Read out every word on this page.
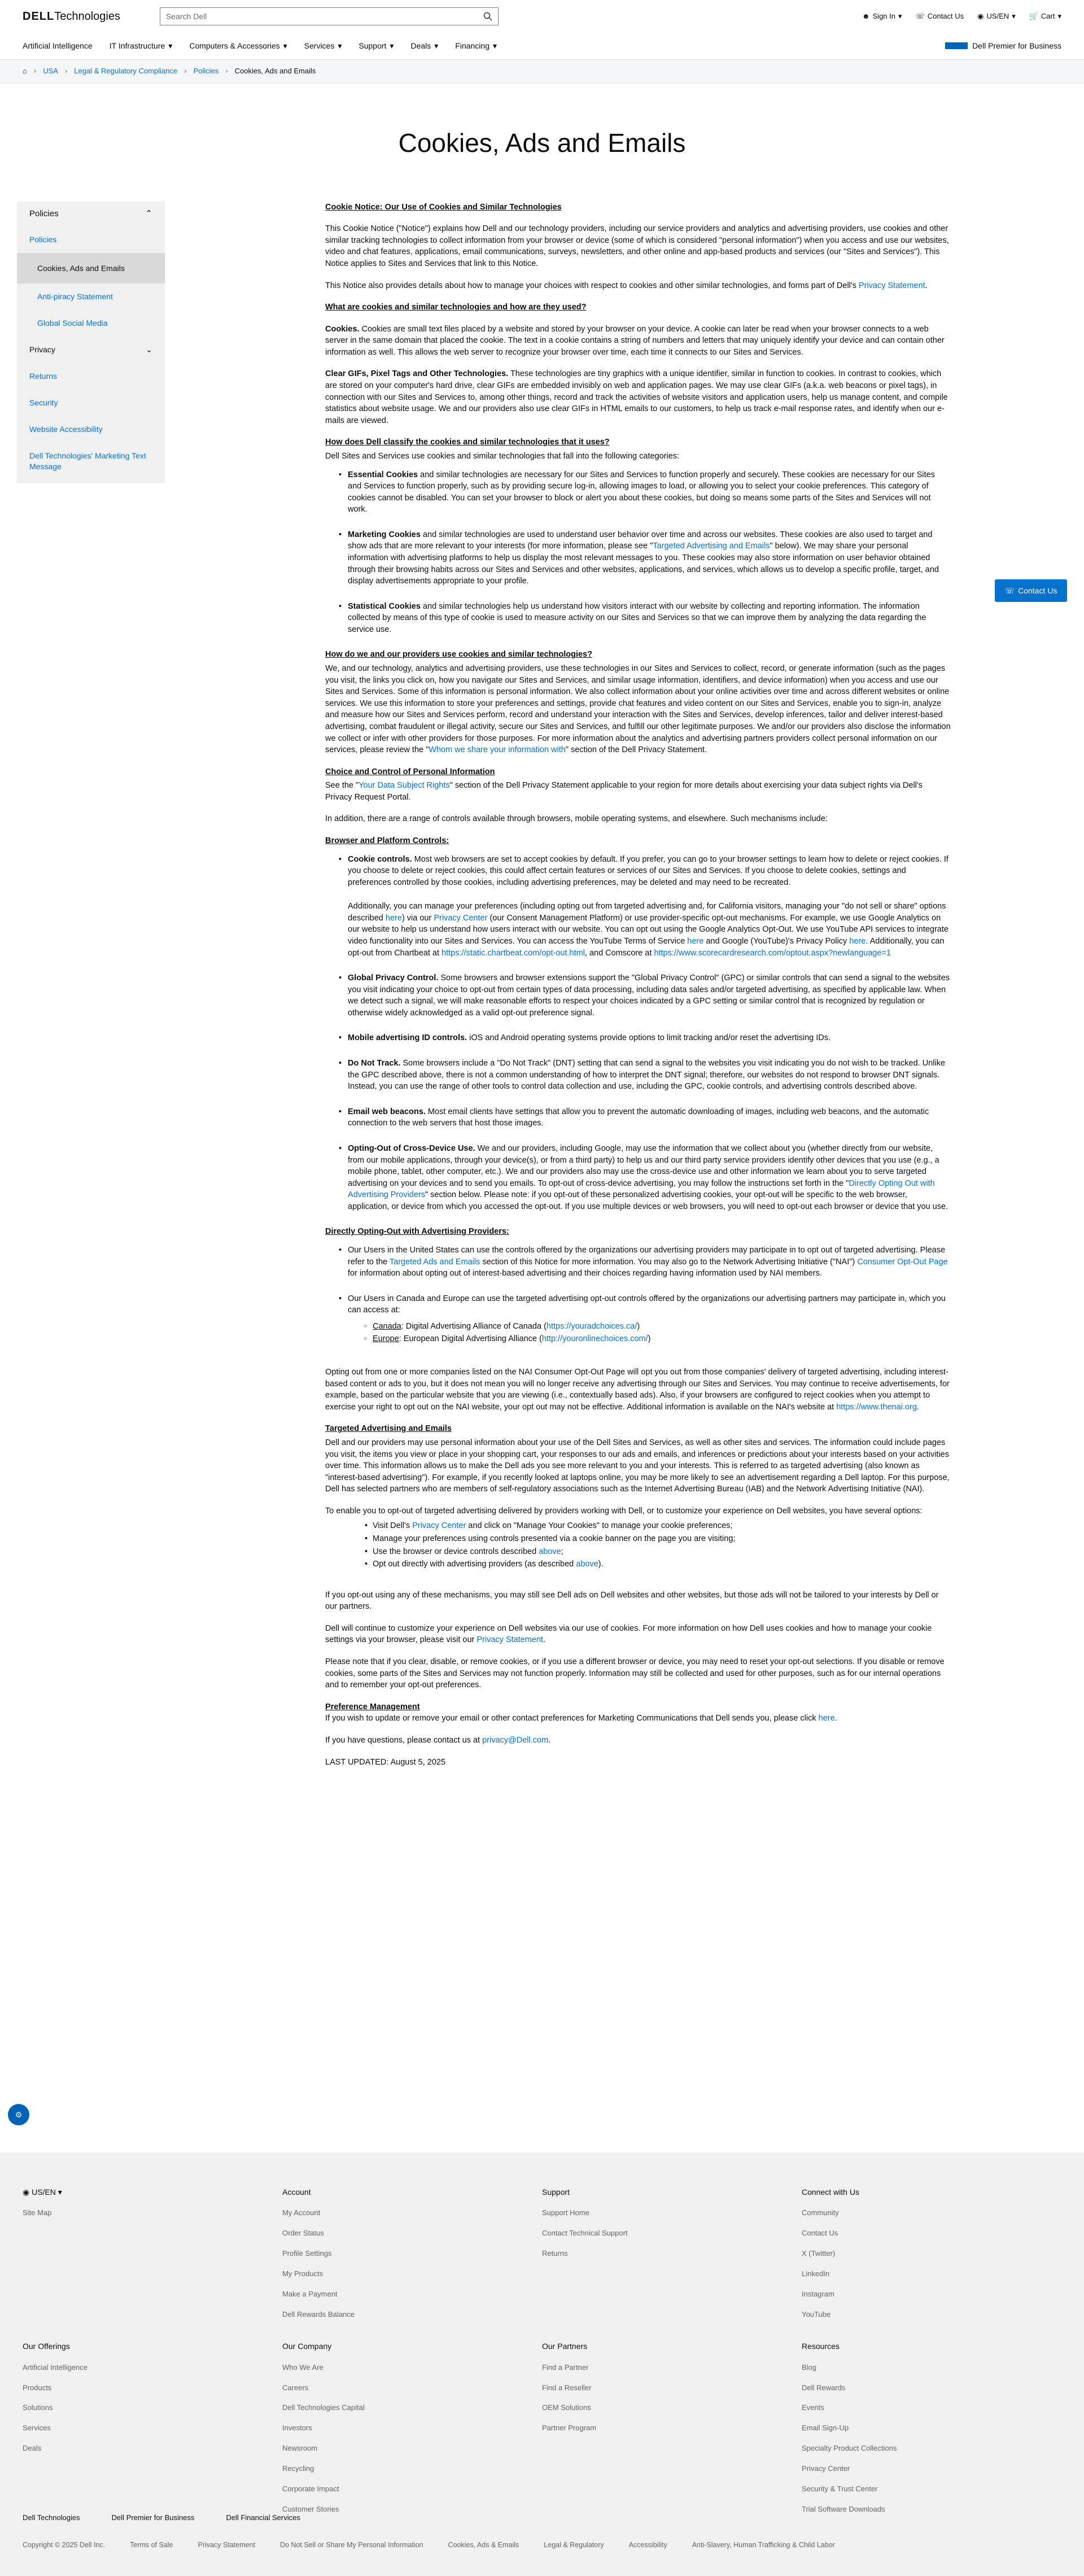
DELL Technologies	Search Dell	☻ Sign In ▾ ☏ Contact Us ◉ US/EN ▾ 🛒 Cart ▾
Artificial Intelligence IT Infrastructure ▾ Computers & Accessories ▾ Services ▾ Support ▾ Deals ▾ Financing ▾	Dell Premier for Business
⌂ › USA › Legal & Regulatory Compliance › Policies › Cookies, Ads and Emails
Cookies, Ads and Emails
Policies	⌃
Policies
Cookies, Ads and Emails
Anti-piracy Statement
Global Social Media
Privacy	⌄
Returns
Security
Website Accessibility
Dell Technologies' Marketing Text Message

Cookie Notice: Our Use of Cookies and Similar Technologies

This Cookie Notice ("Notice") explains how Dell and our technology providers, including our service providers and analytics and advertising providers, use cookies and other similar tracking technologies to collect information from your browser or device (some of which is considered "personal information") when you access and use our websites, video and chat features, applications, email communications, surveys, newsletters, and other online and app-based products and services (our "Sites and Services"). This Notice applies to Sites and Services that link to this Notice.

This Notice also provides details about how to manage your choices with respect to cookies and other similar technologies, and forms part of Dell's Privacy Statement.

What are cookies and similar technologies and how are they used?

Cookies. Cookies are small text files placed by a website and stored by your browser on your device. A cookie can later be read when your browser connects to a web server in the same domain that placed the cookie. The text in a cookie contains a string of numbers and letters that may uniquely identify your device and can contain other information as well. This allows the web server to recognize your browser over time, each time it connects to our Sites and Services.

Clear GIFs, Pixel Tags and Other Technologies. These technologies are tiny graphics with a unique identifier, similar in function to cookies. In contrast to cookies, which are stored on your computer's hard drive, clear GIFs are embedded invisibly on web and application pages. We may use clear GIFs (a.k.a. web beacons or pixel tags), in connection with our Sites and Services to, among other things, record and track the activities of website visitors and application users, help us manage content, and compile statistics about website usage. We and our providers also use clear GIFs in HTML emails to our customers, to help us track e-mail response rates, and identify when our e-mails are viewed.

How does Dell classify the cookies and similar technologies that it uses?

Dell Sites and Services use cookies and similar technologies that fall into the following categories:

• Essential Cookies and similar technologies are necessary for our Sites and Services to function properly and securely. These cookies are necessary for our Sites and Services to function properly, such as by providing secure log-in, allowing images to load, or allowing you to select your cookie preferences. This category of cookies cannot be disabled. You can set your browser to block or alert you about these cookies, but doing so means some parts of the Sites and Services will not work.
• Marketing Cookies and similar technologies are used to understand user behavior over time and across our websites. These cookies are also used to target and show ads that are more relevant to your interests (for more information, please see "Targeted Advertising and Emails" below). We may share your personal information with advertising platforms to help us display the most relevant messages to you. These cookies may also store information on user behavior obtained through their browsing habits across our Sites and Services and other websites, applications, and services, which allows us to develop a specific profile, target, and display advertisements appropriate to your profile.
• Statistical Cookies and similar technologies help us understand how visitors interact with our website by collecting and reporting information. The information collected by means of this type of cookie is used to measure activity on our Sites and Services so that we can improve them by analyzing the data regarding the service use.
How do we and our providers use cookies and similar technologies?

We, and our technology, analytics and advertising providers, use these technologies in our Sites and Services to collect, record, or generate information (such as the pages you visit, the links you click on, how you navigate our Sites and Services, and similar usage information, identifiers, and device information) when you access and use our Sites and Services. Some of this information is personal information. We also collect information about your online activities over time and across different websites or online services. We use this information to store your preferences and settings, provide chat features and video content on our Sites and Services, enable you to sign-in, analyze and measure how our Sites and Services perform, record and understand your interaction with the Sites and Services, develop inferences, tailor and deliver interest-based advertising, combat fraudulent or illegal activity, secure our Sites and Services, and fulfill our other legitimate purposes. We and/or our providers also disclose the information we collect or infer with other providers for those purposes. For more information about the analytics and advertising partners providers collect personal information on our services, please review the "Whom we share your information with" section of the Dell Privacy Statement.

Choice and Control of Personal Information

See the "Your Data Subject Rights" section of the Dell Privacy Statement applicable to your region for more details about exercising your data subject rights via Dell's Privacy Request Portal.

In addition, there are a range of controls available through browsers, mobile operating systems, and elsewhere. Such mechanisms include:

Browser and Platform Controls:

• Cookie controls. Most web browsers are set to accept cookies by default. If you prefer, you can go to your browser settings to learn how to delete or reject cookies. If you choose to delete or reject cookies, this could affect certain features or services of our Sites and Services. If you choose to delete cookies, settings and preferences controlled by those cookies, including advertising preferences, may be deleted and may need to be recreated.

Additionally, you can manage your preferences (including opting out from targeted advertising and, for California visitors, managing your "do not sell or share" options described here) via our Privacy Center (our Consent Management Platform) or use provider-specific opt-out mechanisms. For example, we use Google Analytics on our website to help us understand how users interact with our website. You can opt out using the Google Analytics Opt-Out. We use YouTube API services to integrate video functionality into our Sites and Services. You can access the YouTube Terms of Service here and Google (YouTube)'s Privacy Policy here. Additionally, you can opt-out from Chartbeat at https://static.chartbeat.com/opt-out.html, and Comscore at https://www.scorecardresearch.com/optout.aspx?newlanguage=1

• Global Privacy Control. Some browsers and browser extensions support the "Global Privacy Control" (GPC) or similar controls that can send a signal to the websites you visit indicating your choice to opt-out from certain types of data processing, including data sales and/or targeted advertising, as specified by applicable law. When we detect such a signal, we will make reasonable efforts to respect your choices indicated by a GPC setting or similar control that is recognized by regulation or otherwise widely acknowledged as a valid opt-out preference signal.
• Mobile advertising ID controls. iOS and Android operating systems provide options to limit tracking and/or reset the advertising IDs.
• Do Not Track. Some browsers include a "Do Not Track" (DNT) setting that can send a signal to the websites you visit indicating you do not wish to be tracked. Unlike the GPC described above, there is not a common understanding of how to interpret the DNT signal; therefore, our websites do not respond to browser DNT signals. Instead, you can use the range of other tools to control data collection and use, including the GPC, cookie controls, and advertising controls described above.
• Email web beacons. Most email clients have settings that allow you to prevent the automatic downloading of images, including web beacons, and the automatic connection to the web servers that host those images.
• Opting-Out of Cross-Device Use. We and our providers, including Google, may use the information that we collect about you (whether directly from our website, from our mobile applications, through your device(s), or from a third party) to help us and our third party service providers identify other devices that you use (e.g., a mobile phone, tablet, other computer, etc.). We and our providers also may use the cross-device use and other information we learn about you to serve targeted advertising on your devices and to send you emails. To opt-out of cross-device advertising, you may follow the instructions set forth in the "Directly Opting Out with Advertising Providers" section below. Please note: if you opt-out of these personalized advertising cookies, your opt-out will be specific to the web browser, application, or device from which you accessed the opt-out. If you use multiple devices or web browsers, you will need to opt-out each browser or device that you use.

Directly Opting-Out with Advertising Providers:

• Our Users in the United States can use the controls offered by the organizations our advertising providers may participate in to opt out of targeted advertising. Please refer to the Targeted Ads and Emails section of this Notice for more information. You may also go to the Network Advertising Initiative ("NAI") Consumer Opt-Out Page for information about opting out of interest-based advertising and their choices regarding having information used by NAI members.
• Our Users in Canada and Europe can use the targeted advertising opt-out controls offered by the organizations our advertising partners may participate in, which you can access at:
○ Canada: Digital Advertising Alliance of Canada (https://youradchoices.ca/)
○ Europe: European Digital Advertising Alliance (http://youronlinechoices.com/)

Opting out from one or more companies listed on the NAI Consumer Opt-Out Page will opt you out from those companies' delivery of targeted advertising, including interest-based content or ads to you, but it does not mean you will no longer receive any advertising through our Sites and Services. You may continue to receive advertisements, for example, based on the particular website that you are viewing (i.e., contextually based ads). Also, if your browsers are configured to reject cookies when you attempt to exercise your right to opt out on the NAI website, your opt out may not be effective. Additional information is available on the NAI's website at https://www.thenai.org.

Targeted Advertising and Emails

Dell and our providers may use personal information about your use of the Dell Sites and Services, as well as other sites and services. The information could include pages you visit, the items you view or place in your shopping cart, your responses to our ads and emails, and inferences or predictions about your interests based on your activities over time. This information allows us to make the Dell ads you see more relevant to you and your interests. This is referred to as targeted advertising (also known as "interest-based advertising"). For example, if you recently looked at laptops online, you may be more likely to see an advertisement regarding a Dell laptop. For this purpose, Dell has selected partners who are members of self-regulatory associations such as the Internet Advertising Bureau (IAB) and the Network Advertising Initiative (NAI).

To enable you to opt-out of targeted advertising delivered by providers working with Dell, or to customize your experience on Dell websites, you have several options:

• Visit Dell's Privacy Center and click on "Manage Your Cookies" to manage your cookie preferences;
• Manage your preferences using controls presented via a cookie banner on the page you are visiting;
• Use the browser or device controls described above;
• Opt out directly with advertising providers (as described above).

If you opt-out using any of these mechanisms, you may still see Dell ads on Dell websites and other websites, but those ads will not be tailored to your interests by Dell or our partners.

Dell will continue to customize your experience on Dell websites via our use of cookies. For more information on how Dell uses cookies and how to manage your cookie settings via your browser, please visit our Privacy Statement.

Please note that if you clear, disable, or remove cookies, or if you use a different browser or device, you may need to reset your opt-out selections. If you disable or remove cookies, some parts of the Sites and Services may not function properly. Information may still be collected and used for other purposes, such as for our internal operations and to remember your opt-out preferences.

Preference Management

If you wish to update or remove your email or other contact preferences for Marketing Communications that Dell sends you, please click here.

If you have questions, please contact us at privacy@Dell.com.

LAST UPDATED: August 5, 2025

☏ Contact Us
⚙
◉ US/EN ▾
Site Map
Account
My Account
Order Status
Profile Settings
My Products
Make a Payment
Dell Rewards Balance
Support
Support Home
Contact Technical Support
Returns
Connect with Us
Community
Contact Us
X (Twitter)
LinkedIn
Instagram
YouTube
Our Offerings
Artificial Intelligence
Products
Solutions
Services
Deals
Our Company
Who We Are
Careers
Dell Technologies Capital
Investors
Newsroom
Recycling
Corporate Impact
Customer Stories
Our Partners
Find a Partner
Find a Reseller
OEM Solutions
Partner Program
Resources
Blog
Dell Rewards
Events
Email Sign-Up
Specialty Product Collections
Privacy Center
Security & Trust Center
Trial Software Downloads
Dell Technologies	Dell Premier for Business	Dell Financial Services
Copyright © 2025 Dell Inc.	Terms of Sale	Privacy Statement	Do Not Sell or Share My Personal Information	Cookies, Ads & Emails	Legal & Regulatory	Accessibility	Anti-Slavery, Human Trafficking & Child Labor
